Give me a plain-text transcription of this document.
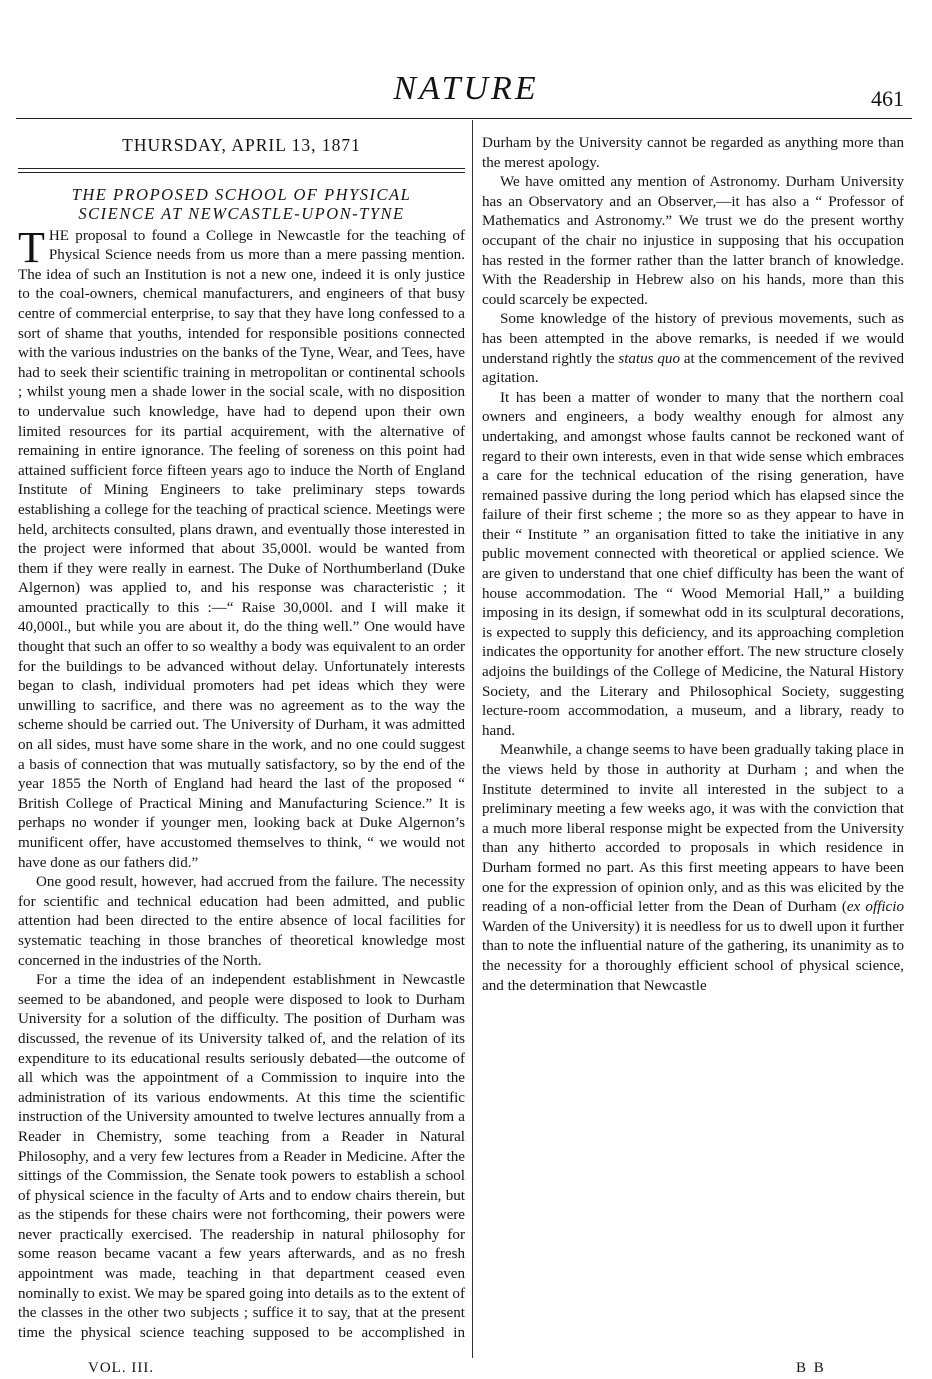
NATURE	461
THURSDAY, APRIL 13, 1871
THE PROPOSED SCHOOL OF PHYSICAL
SCIENCE AT NEWCASTLE-UPON-TYNE

THE proposal to found a College in Newcastle for the teaching of Physical Science needs from us more than a mere passing mention. The idea of such an Institution is not a new one, indeed it is only justice to the coal-owners, chemical manufacturers, and engineers of that busy centre of commercial enterprise, to say that they have long confessed to a sort of shame that youths, intended for responsible positions connected with the various industries on the banks of the Tyne, Wear, and Tees, have had to seek their scientific training in metropolitan or continental schools ; whilst young men a shade lower in the social scale, with no disposition to undervalue such knowledge, have had to depend upon their own limited resources for its partial acquirement, with the alternative of remaining in entire ignorance. The feeling of soreness on this point had attained sufficient force fifteen years ago to induce the North of England Institute of Mining Engineers to take preliminary steps towards establishing a college for the teaching of practical science. Meetings were held, architects consulted, plans drawn, and eventually those interested in the project were informed that about 35,000l. would be wanted from them if they were really in earnest. The Duke of Northumberland (Duke Algernon) was applied to, and his response was characteristic ; it amounted practically to this :—“ Raise 30,000l. and I will make it 40,000l., but while you are about it, do the thing well.” One would have thought that such an offer to so wealthy a body was equivalent to an order for the buildings to be advanced without delay. Unfortunately interests began to clash, individual promoters had pet ideas which they were unwilling to sacrifice, and there was no agreement as to the way the scheme should be carried out. The University of Durham, it was admitted on all sides, must have some share in the work, and no one could suggest a basis of connection that was mutually satisfactory, so by the end of the year 1855 the North of England had heard the last of the proposed “ British College of Practical Mining and Manufacturing Science.” It is perhaps no wonder if younger men, looking back at Duke Algernon’s munificent offer, have accustomed themselves to think, “ we would not have done as our fathers did.”

One good result, however, had accrued from the failure. The necessity for scientific and technical education had been admitted, and public attention had been directed to the entire absence of local facilities for systematic teaching in those branches of theoretical knowledge most concerned in the industries of the North.

For a time the idea of an independent establishment in Newcastle seemed to be abandoned, and people were disposed to look to Durham University for a solution of the difficulty. The position of Durham was discussed, the revenue of its University talked of, and the relation of its expenditure to its educational results seriously debated—the outcome of all which was the appointment of a Commission to inquire into the administration of its various endowments. At this time the scientific instruction of the University amounted to twelve lectures annually from a Reader in Chemistry, some teaching from a Reader in Natural Philosophy, and a very few lectures from a Reader in Medicine. After the sittings of the Commission, the Senate took powers to establish a school of physical science in the faculty of Arts and to endow chairs therein, but as the stipends for these chairs were not forthcoming, their powers were never practically exercised. The readership in natural philosophy for some reason became vacant a few years afterwards, and as no fresh appointment was made, teaching in that department ceased even nominally to exist. We may be spared going into details as to the extent of the classes in the other two subjects ; suffice it to say, that at the present time the physical science teaching supposed to be accomplished in

Durham by the University cannot be regarded as anything more than the merest apology.

We have omitted any mention of Astronomy. Durham University has an Observatory and an Observer,—it has also a “ Professor of Mathematics and Astronomy.” We trust we do the present worthy occupant of the chair no injustice in supposing that his occupation has rested in the former rather than the latter branch of knowledge. With the Readership in Hebrew also on his hands, more than this could scarcely be expected.

Some knowledge of the history of previous movements, such as has been attempted in the above remarks, is needed if we would understand rightly the status quo at the commencement of the revived agitation.

It has been a matter of wonder to many that the northern coal owners and engineers, a body wealthy enough for almost any undertaking, and amongst whose faults cannot be reckoned want of regard to their own interests, even in that wide sense which embraces a care for the technical education of the rising generation, have remained passive during the long period which has elapsed since the failure of their first scheme ; the more so as they appear to have in their “ Institute ” an organisation fitted to take the initiative in any public movement connected with theoretical or applied science. We are given to understand that one chief difficulty has been the want of house accommodation. The “ Wood Memorial Hall,” a building imposing in its design, if somewhat odd in its sculptural decorations, is expected to supply this deficiency, and its approaching completion indicates the opportunity for another effort. The new structure closely adjoins the buildings of the College of Medicine, the Natural History Society, and the Literary and Philosophical Society, suggesting lecture-room accommodation, a museum, and a library, ready to hand.

Meanwhile, a change seems to have been gradually taking place in the views held by those in authority at Durham ; and when the Institute determined to invite all interested in the subject to a preliminary meeting a few weeks ago, it was with the conviction that a much more liberal response might be expected from the University than any hitherto accorded to proposals in which residence in Durham formed no part. As this first meeting appears to have been one for the expression of opinion only, and as this was elicited by the reading of a non-official letter from the Dean of Durham (ex officio Warden of the University) it is needless for us to dwell upon it further than to note the influential nature of the gathering, its unanimity as to the necessity for a thoroughly efficient school of physical science, and the determination that Newcastle

VOL. III.	B B
